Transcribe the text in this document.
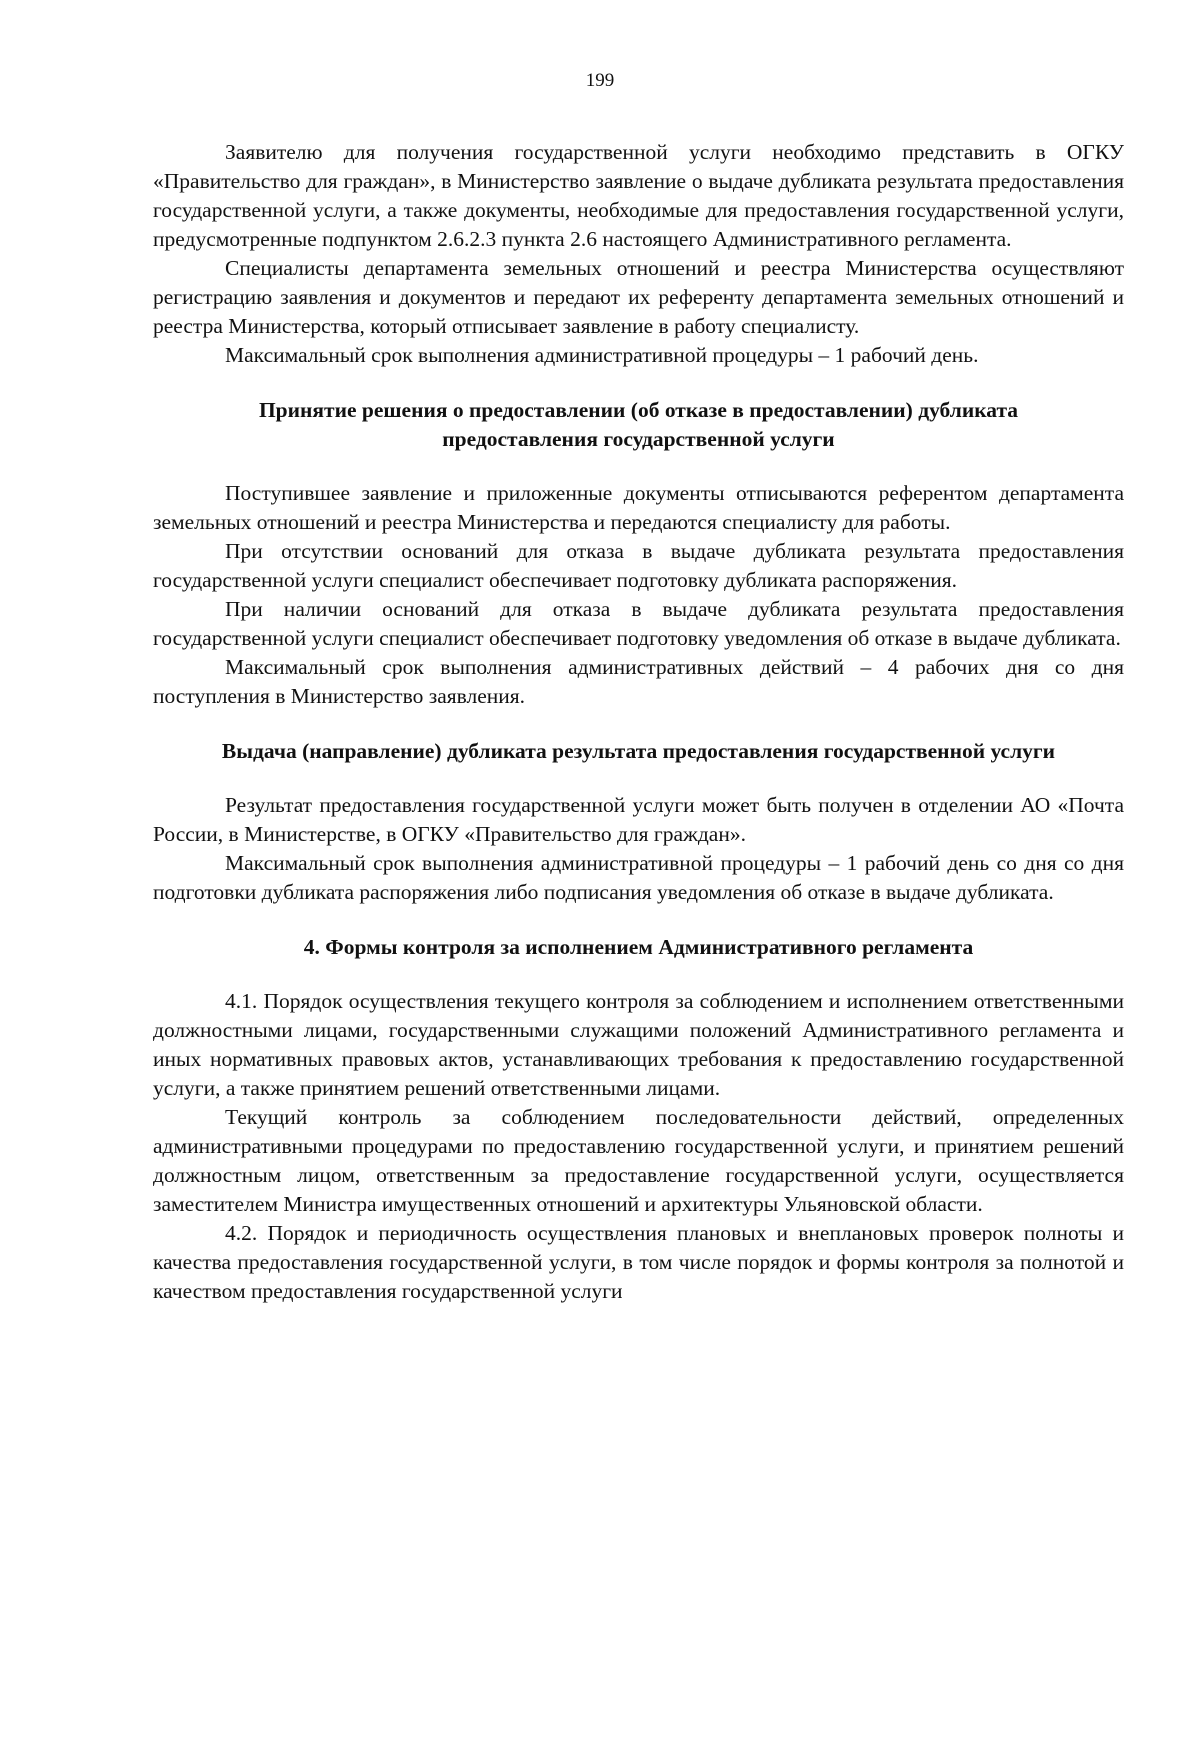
199

Заявителю для получения государственной услуги необходимо представить в ОГКУ «Правительство для граждан», в Министерство заявление о выдаче дубликата результата предоставления государственной услуги, а также документы, необходимые для предоставления государственной услуги, предусмотренные подпунктом 2.6.2.3 пункта 2.6 настоящего Административного регламента.

Специалисты департамента земельных отношений и реестра Министерства осуществляют регистрацию заявления и документов и передают их референту департамента земельных отношений и реестра Министерства, который отписывает заявление в работу специалисту.

Максимальный срок выполнения административной процедуры – 1 рабочий день.

Принятие решения о предоставлении (об отказе в предоставлении) дубликата предоставления государственной услуги

Поступившее заявление и приложенные документы отписываются референтом департамента земельных отношений и реестра Министерства и передаются специалисту для работы.

При отсутствии оснований для отказа в выдаче дубликата результата предоставления государственной услуги специалист обеспечивает подготовку дубликата распоряжения.

При наличии оснований для отказа в выдаче дубликата результата предоставления государственной услуги специалист обеспечивает подготовку уведомления об отказе в выдаче дубликата.

Максимальный срок выполнения административных действий – 4 рабочих дня со дня поступления в Министерство заявления.

Выдача (направление) дубликата результата предоставления государственной услуги

Результат предоставления государственной услуги может быть получен в отделении АО «Почта России, в Министерстве, в ОГКУ «Правительство для граждан».

Максимальный срок выполнения административной процедуры – 1 рабочий день со дня со дня подготовки дубликата распоряжения либо подписания уведомления об отказе в выдаче дубликата.

4. Формы контроля за исполнением Административного регламента

4.1. Порядок осуществления текущего контроля за соблюдением и исполнением ответственными должностными лицами, государственными служащими положений Административного регламента и иных нормативных правовых актов, устанавливающих требования к предоставлению государственной услуги, а также принятием решений ответственными лицами.

Текущий контроль за соблюдением последовательности действий, определенных административными процедурами по предоставлению государственной услуги, и принятием решений должностным лицом, ответственным за предоставление государственной услуги, осуществляется заместителем Министра имущественных отношений и архитектуры Ульяновской области.

4.2. Порядок и периодичность осуществления плановых и внеплановых проверок полноты и качества предоставления государственной услуги, в том числе порядок и формы контроля за полнотой и качеством предоставления государственной услуги
